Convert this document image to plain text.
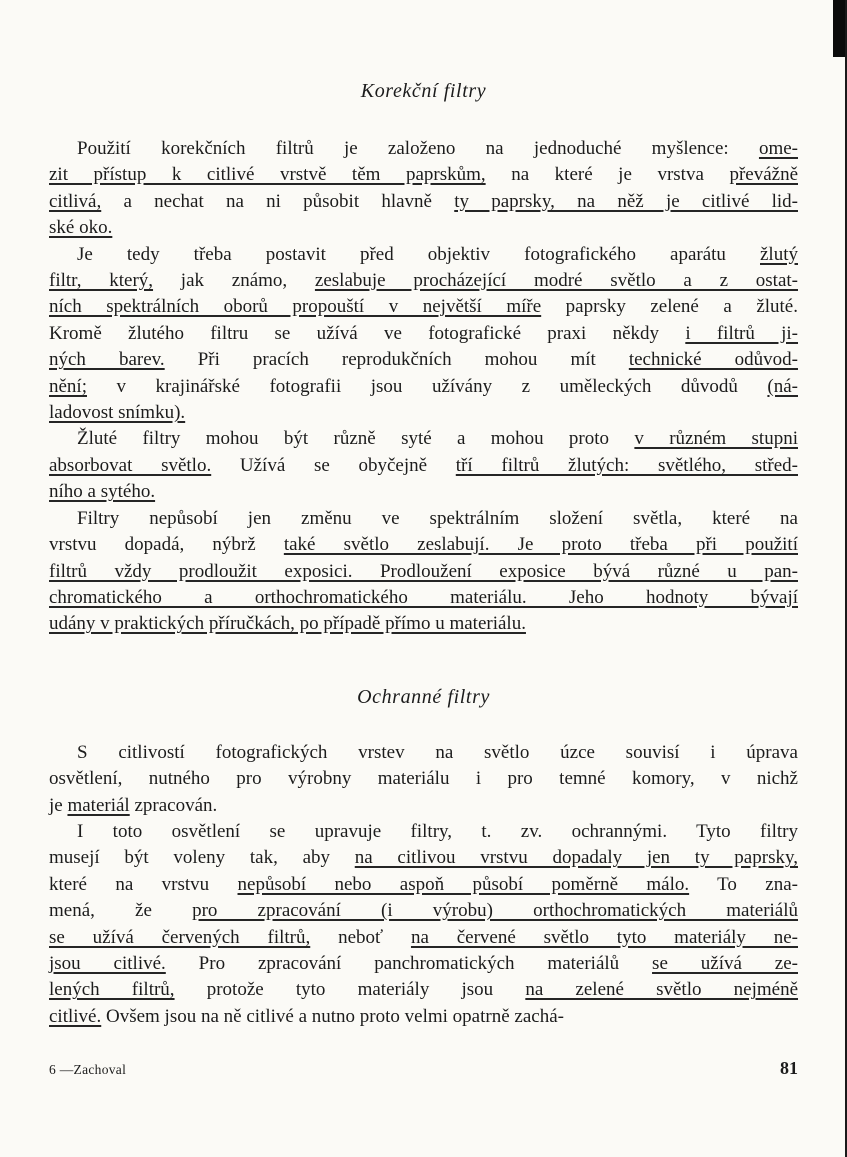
Korekční filtry
Použití korekčních filtrů je založeno na jednoduché myšlence: ome-
zit přístup k citlivé vrstvě těm paprskům, na které je vrstva převážně
citlivá, a nechat na ni působit hlavně ty paprsky, na něž je citlivé lid-
ské oko.
Je tedy třeba postavit před objektiv fotografického aparátu žlutý
filtr, který, jak známo, zeslabuje procházející modré světlo a z ostat-
ních spektrálních oborů propouští v největší míře paprsky zelené a žluté.
Kromě žlutého filtru se užívá ve fotografické praxi někdy i filtrů ji-
ných barev. Při pracích reprodukčních mohou mít technické odůvod-
nění; v krajinářské fotografii jsou užívány z uměleckých důvodů (ná-
ladovost snímku).
Žluté filtry mohou být různě syté a mohou proto v různém stupni
absorbovat světlo. Užívá se obyčejně tří filtrů žlutých: světlého, střed-
ního a sytého.
Filtry nepůsobí jen změnu ve spektrálním složení světla, které na
vrstvu dopadá, nýbrž také světlo zeslabují. Je proto třeba při použití
filtrů vždy prodloužit exposici. Prodloužení exposice bývá různé u pan-
chromatického a orthochromatického materiálu. Jeho hodnoty bývají
udány v praktických příručkách, po případě přímo u materiálu.
Ochranné filtry
S citlivostí fotografických vrstev na světlo úzce souvisí i úprava
osvětlení, nutného pro výrobny materiálu i pro temné komory, v nichž
je materiál zpracován.
I toto osvětlení se upravuje filtry, t. zv. ochrannými. Tyto filtry
musejí být voleny tak, aby na citlivou vrstvu dopadaly jen ty paprsky,
které na vrstvu nepůsobí nebo aspoň působí poměrně málo. To zna-
mená, že pro zpracování (i výrobu) orthochromatických materiálů
se užívá červených filtrů, neboť na červené světlo tyto materiály ne-
jsou citlivé. Pro zpracování panchromatických materiálů se užívá ze-
lených filtrů, protože tyto materiály jsou na zelené světlo nejméně
citlivé. Ovšem jsou na ně citlivé a nutno proto velmi opatrně zachá-
6 —Zachoval	81
